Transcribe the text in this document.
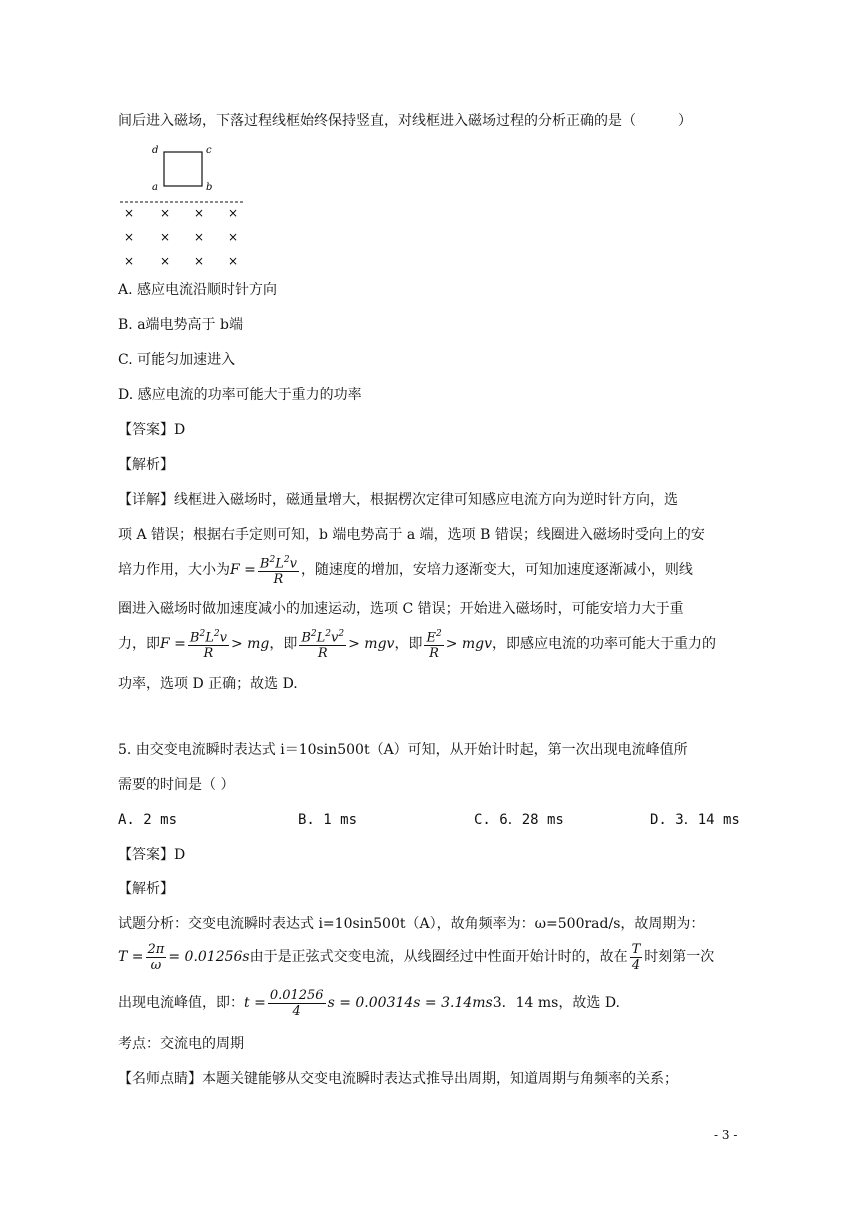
间后进入磁场，下落过程线框始终保持竖直，对线框进入磁场过程的分析正确的是（　　　）
d	c
a	b
× × × ×
× × × ×
× × × ×
A. 感应电流沿顺时针方向
B. a端电势高于 b端
C. 可能匀加速进入
D. 感应电流的功率可能大于重力的功率
【答案】D
【解析】
【详解】线框进入磁场时，磁通量增大，根据楞次定律可知感应电流方向为逆时针方向，选
项 A 错误；根据右手定则可知，b 端电势高于 a 端，选项 B 错误；线圈进入磁场时受向上的安
培力作用，大小为$F = \frac{B^2L^2v}{R}$ ，随速度的增加，安培力逐渐变大，可知加速度逐渐减小，则线
圈进入磁场时做加速度减小的加速运动，选项 C 错误；开始进入磁场时，可能安培力大于重
力，即$F = \frac{B^2L^2v}{R}$ > mg，即 $\frac{B^2L^2v^2}{R}$ > mgv，即 $\frac{E^2}{R}$ > mgv，即感应电流的功率可能大于重力的
功率，选项 D 正确；故选 D.
5. 由交变电流瞬时表达式 i＝10sin500t（A）可知，从开始计时起，第一次出现电流峰值所
需要的时间是（ ）
A. 2 ms	B. 1 ms	C. 6．28 ms	D. 3．14 ms
【答案】D
【解析】
试题分析：交变电流瞬时表达式 i=10sin500t（A），故角频率为：ω=500rad/s，故周期为：
$T = \frac{2\pi}{\omega} = 0.01256s$由于是正弦式交变电流，从线圈经过中性面开始计时的，故在 $\frac{T}{4}$ 时刻第一次
出现电流峰值，即：$t = \frac{0.01256}{4}$ s = 0.00314s = 3.14ms3．14 ms，故选 D.
考点：交流电的周期
【名师点睛】本题关键能够从交变电流瞬时表达式推导出周期，知道周期与角频率的关系；
- 3 -
